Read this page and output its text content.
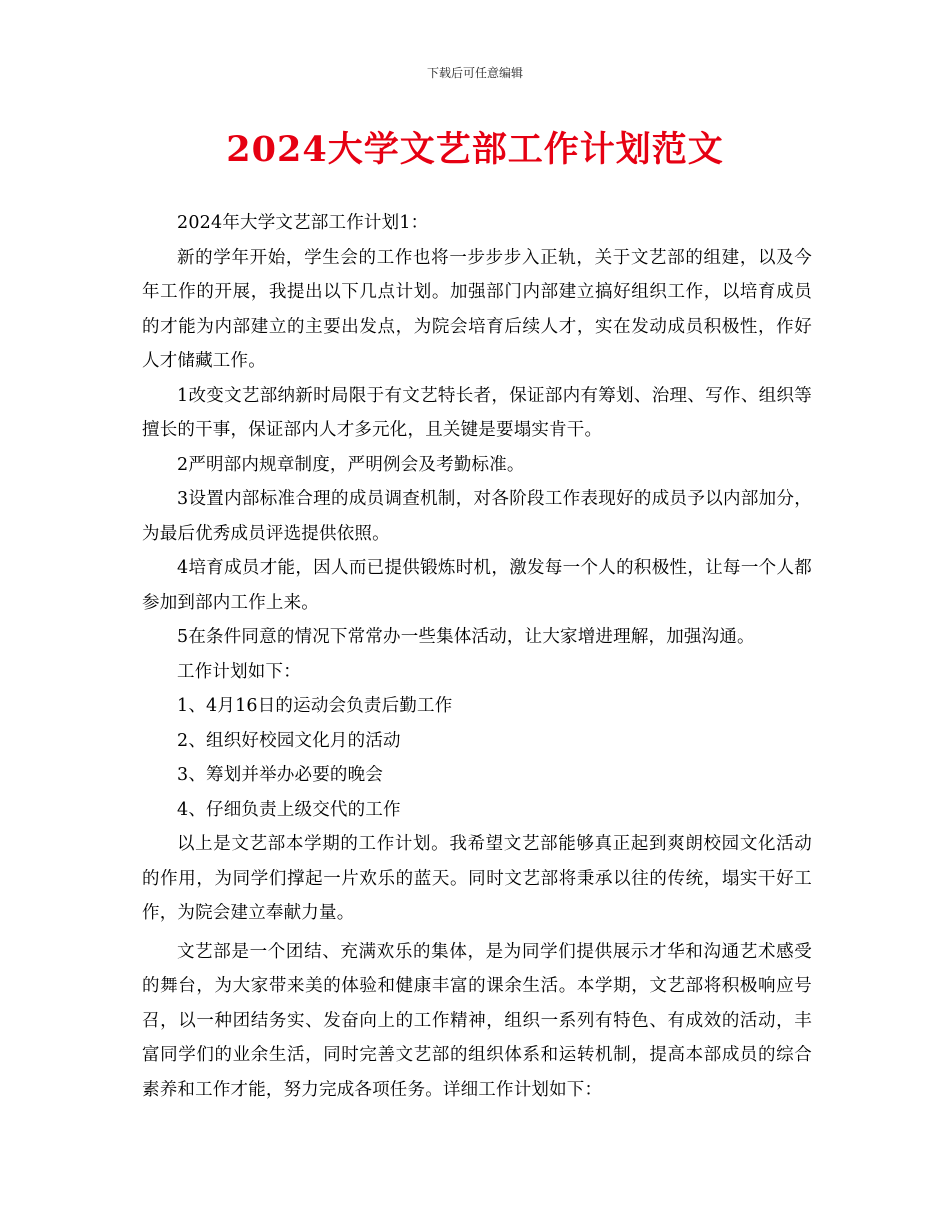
下载后可任意编辑
2024大学文艺部工作计划范文

2024年大学文艺部工作计划1：

新的学年开始，学生会的工作也将一步步步入正轨，关于文艺部的组建，以及今年工作的开展，我提出以下几点计划。加强部门内部建立搞好组织工作，以培育成员的才能为内部建立的主要出发点，为院会培育后续人才，实在发动成员积极性，作好人才储藏工作。

1改变文艺部纳新时局限于有文艺特长者，保证部内有筹划、治理、写作、组织等擅长的干事，保证部内人才多元化，且关键是要塌实肯干。

2严明部内规章制度，严明例会及考勤标准。

3设置内部标准合理的成员调查机制，对各阶段工作表现好的成员予以内部加分，为最后优秀成员评选提供依照。

4培育成员才能，因人而已提供锻炼时机，激发每一个人的积极性，让每一个人都参加到部内工作上来。

5在条件同意的情况下常常办一些集体活动，让大家增进理解，加强沟通。

工作计划如下：

1、4月16日的运动会负责后勤工作

2、组织好校园文化月的活动

3、筹划并举办必要的晚会

4、仔细负责上级交代的工作

以上是文艺部本学期的工作计划。我希望文艺部能够真正起到爽朗校园文化活动的作用，为同学们撑起一片欢乐的蓝天。同时文艺部将秉承以往的传统，塌实干好工作，为院会建立奉献力量。

文艺部是一个团结、充满欢乐的集体，是为同学们提供展示才华和沟通艺术感受的舞台，为大家带来美的体验和健康丰富的课余生活。本学期，文艺部将积极响应号召，以一种团结务实、发奋向上的工作精神，组织一系列有特色、有成效的活动，丰富同学们的业余生活，同时完善文艺部的组织体系和运转机制，提高本部成员的综合素养和工作才能，努力完成各项任务。详细工作计划如下：
